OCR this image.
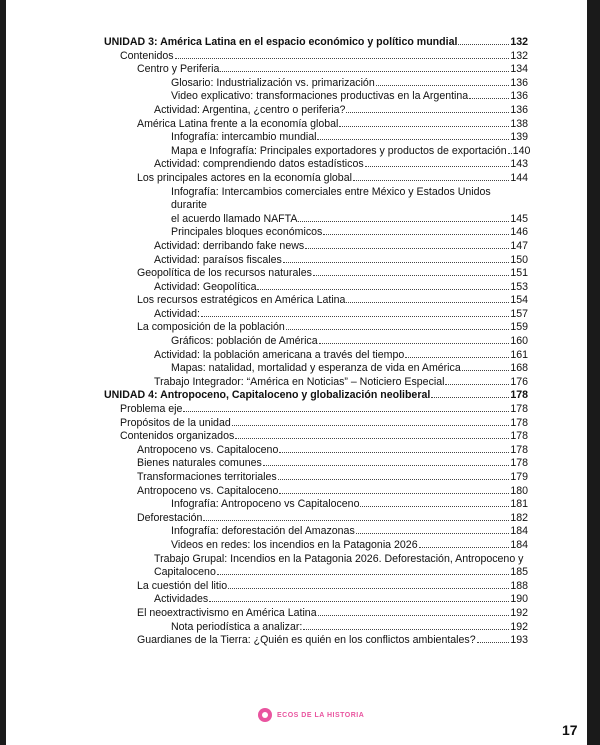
UNIDAD 3: América Latina en el espacio económico y político mundial	132
Contenidos	132
Centro y Periferia	134
Glosario: Industrialización vs. primarización	136
Video explicativo: transformaciones productivas en la Argentina	136
Actividad: Argentina, ¿centro o periferia?	136
América Latina frente a la economía global	138
Infografía: intercambio mundial	139
Mapa e Infografía: Principales exportadores y productos de exportación 140
Actividad: comprendiendo datos estadísticos	143
Los principales actores en la economía global	144
Infografía: Intercambios comerciales entre México y Estados Unidos durarite
el acuerdo llamado NAFTA	145
Principales bloques económicos	146
Actividad: derribando fake news	147
Actividad: paraísos fiscales	150
Geopolítica de los recursos naturales	151
Actividad: Geopolítica	153
Los recursos estratégicos en América Latina	154
Actividad:	157
La composición de la población	159
Gráficos: población de América	160
Actividad: la población americana a través del tiempo	161
Mapas: natalidad, mortalidad y esperanza de vida en América	168
Trabajo Integrador: “América en Noticias” – Noticiero Especial	176
UNIDAD 4: Antropoceno, Capitaloceno y globalización neoliberal	178
Problema eje	178
Propósitos de la unidad	178
Contenidos organizados	178
Antropoceno vs. Capitaloceno	178
Bienes naturales comunes	178
Transformaciones territoriales	179
Antropoceno vs. Capitaloceno	180
Infografía: Antropoceno vs Capitaloceno	181
Deforestación	182
Infografía: deforestación del Amazonas	184
Videos en redes: los incendios en la Patagonia 2026	184
Trabajo Grupal: Incendios en la Patagonia 2026. Deforestación, Antropoceno y
Capitaloceno	185
La cuestión del litio	188
Actividades	190
El neoextractivismo en América Latina	192
Nota periodística a analizar:	192
Guardianes de la Tierra: ¿Quién es quién en los conflictos ambientales?	193
ECOS DE LA HISTORIA
17
